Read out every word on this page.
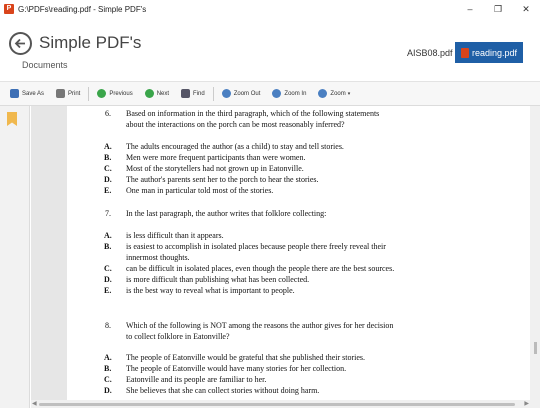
P G:\PDFs\reading.pdf - Simple PDF's	–	❐	✕
Simple PDF's
Documents
AISB08.pdf reading.pdf
Save As	Print	Previous	Next	Find	Zoom Out	Zoom In	Zoom ▾
6. Based on information in the third paragraph, which of the following statements
about the interactions on the porch can be most reasonably inferred?
A. The adults encouraged the author (as a child) to stay and tell stories.
B. Men were more frequent participants than were women.
C. Most of the storytellers had not grown up in Eatonville.
D. The author's parents sent her to the porch to hear the stories.
E. One man in particular told most of the stories.
7. In the last paragraph, the author writes that folklore collecting:
A. is less difficult than it appears.
B. is easiest to accomplish in isolated places because people there freely reveal their
innermost thoughts.
C. can be difficult in isolated places, even though the people there are the best sources.
D. is more difficult than publishing what has been collected.
E. is the best way to reveal what is important to people.
8. Which of the following is NOT among the reasons the author gives for her decision
to collect folklore in Eatonville?
A. The people of Eatonville would be grateful that she published their stories.
B. The people of Eatonville would have many stories for her collection.
C. Eatonville and its people are familiar to her.
D. She believes that she can collect stories without doing harm.
◀	▶
